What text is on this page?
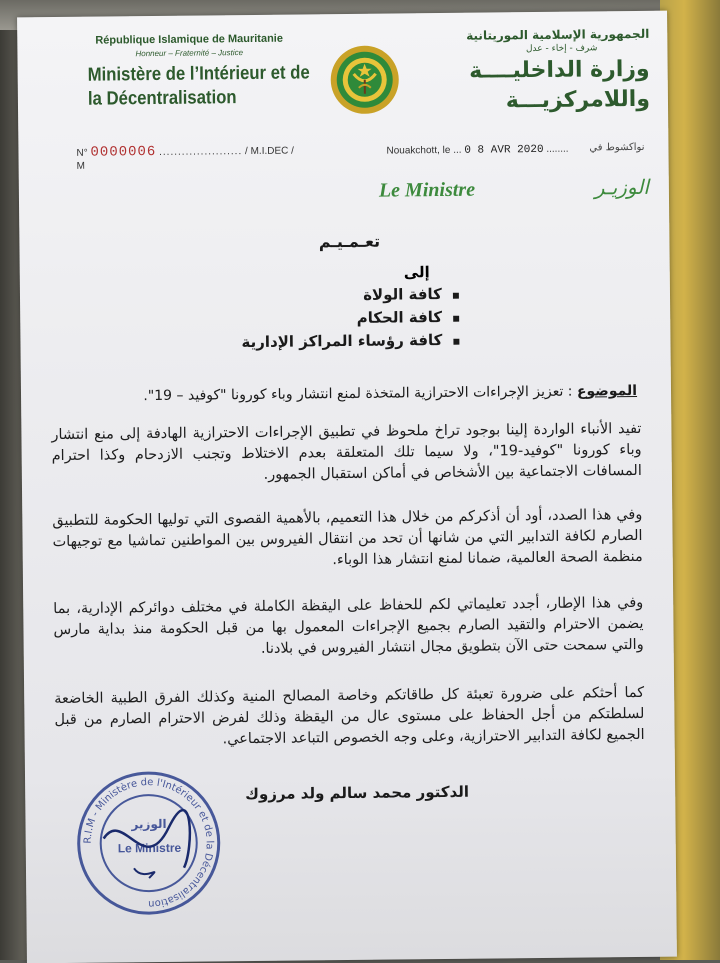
République Islamique de Mauritanie
Honneur – Fraternité – Justice
Ministère de l’Intérieur et de
la Décentralisation
الجمهورية الإسلامية الموريتانية
شرف - إخاء - عدل
وزارة الداخليــــة
واللامركزيـــة
N° 0000006 ...................... / M.I.DEC / M
Nouakchott, le ... 0 8 AVR 2020 ........ نواكشوط في
Le Ministre	الوزيـر
تعـمـيـم
إلى
▪ كافة الولاة
▪ كافة الحكام
▪ كافة رؤساء المراكز الإدارية
الموضوع : تعزيز الإجراءات الاحترازية المتخذة لمنع انتشار وباء كورونا "كوفيد – 19".

تفيد الأنباء الواردة إلينا بوجود تراخ ملحوظ في تطبيق الإجراءات الاحترازية الهادفة إلى منع انتشار وباء كورونا "كوفيد-19"، ولا سيما تلك المتعلقة بعدم الاختلاط وتجنب الازدحام وكذا احترام المسافات الاجتماعية بين الأشخاص في أماكن استقبال الجمهور.

وفي هذا الصدد، أود أن أذكركم من خلال هذا التعميم، بالأهمية القصوى التي توليها الحكومة للتطبيق الصارم لكافة التدابير التي من شانها أن تحد من انتقال الفيروس بين المواطنين تماشيا مع توجيهات منظمة الصحة العالمية، ضمانا لمنع انتشار هذا الوباء.

وفي هذا الإطار، أجدد تعليماتي لكم للحفاظ على اليقظة الكاملة في مختلف دوائركم الإدارية، بما يضمن الاحترام والتقيد الصارم بجميع الإجراءات المعمول بها من قبل الحكومة منذ بداية مارس والتي سمحت حتى الآن بتطويق مجال انتشار الفيروس في بلادنا.

كما أحثكم على ضرورة تعبئة كل طاقاتكم وخاصة المصالح المنية وكذلك الفرق الطبية الخاضعة لسلطتكم من أجل الحفاظ على مستوى عال من اليقظة وذلك لفرض الاحترام الصارم من قبل الجميع لكافة التدابير الاحترازية، وعلى وجه الخصوص التباعد الاجتماعي.

الدكتور محمد سالم ولد مرزوك
R.I.M - Ministère de l'Intérieur et de la Décentralisation
الوزير
Le Ministre
